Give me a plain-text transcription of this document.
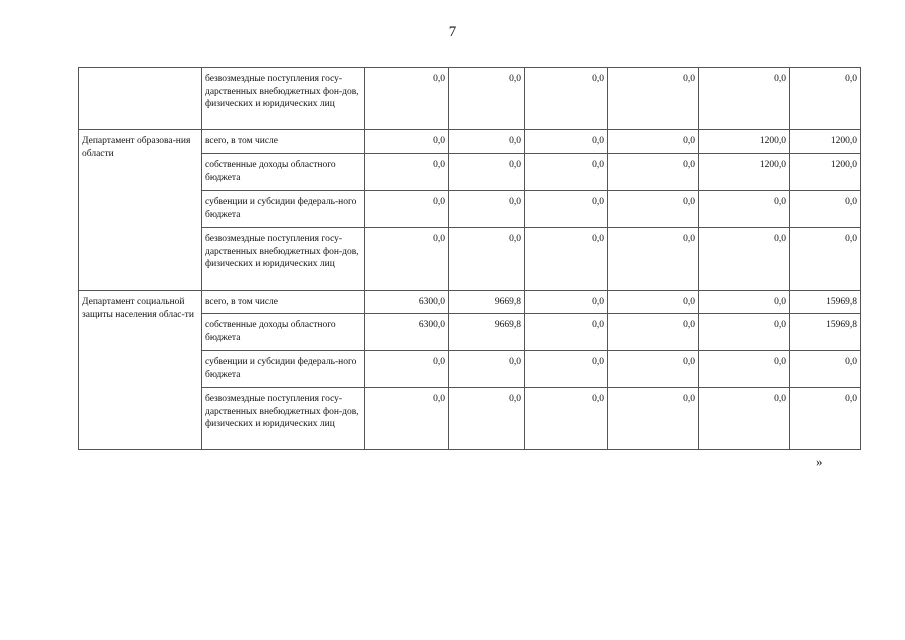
7
	безвозмездные поступления госу-дарственных внебюджетных фон-дов, физических и юридических лиц	0,0	0,0	0,0	0,0	0,0	0,0
Департамент образова-ния области	всего, в том числе	0,0	0,0	0,0	0,0	1200,0	1200,0
	собственные доходы областного бюджета	0,0	0,0	0,0	0,0	1200,0	1200,0
	субвенции и субсидии федераль-ного бюджета	0,0	0,0	0,0	0,0	0,0	0,0
	безвозмездные поступления госу-дарственных внебюджетных фон-дов, физических и юридических лиц	0,0	0,0	0,0	0,0	0,0	0,0
Департамент социальной защиты населения облас-ти	всего, в том числе	6300,0	9669,8	0,0	0,0	0,0	15969,8
	собственные доходы областного бюджета	6300,0	9669,8	0,0	0,0	0,0	15969,8
	субвенции и субсидии федераль-ного бюджета	0,0	0,0	0,0	0,0	0,0	0,0
	безвозмездные поступления госу-дарственных внебюджетных фон-дов, физических и юридических лиц	0,0	0,0	0,0	0,0	0,0	0,0
»
